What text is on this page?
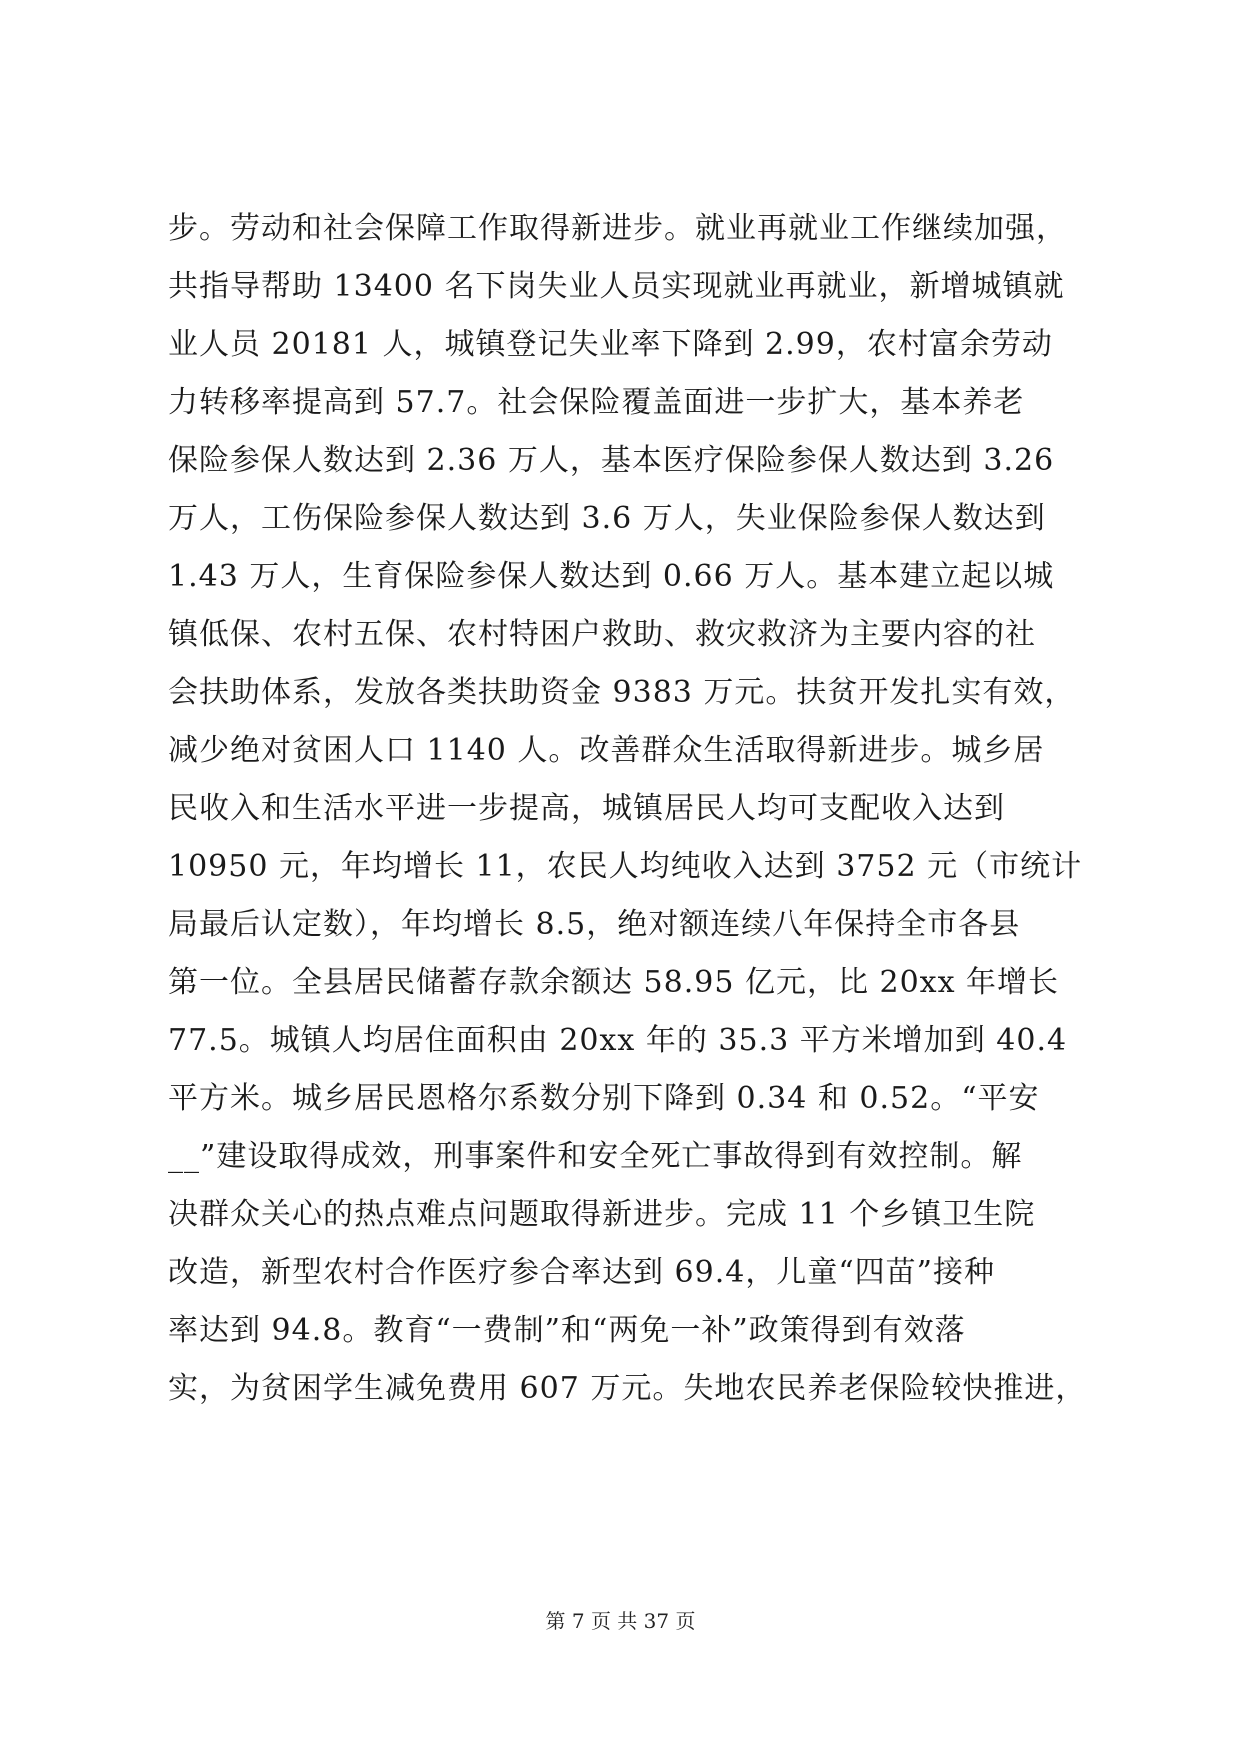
步。劳动和社会保障工作取得新进步。就业再就业工作继续加强，
共指导帮助 13400 名下岗失业人员实现就业再就业，新增城镇就
业人员 20181 人，城镇登记失业率下降到 2.99，农村富余劳动
力转移率提高到 57.7。社会保险覆盖面进一步扩大，基本养老
保险参保人数达到 2.36 万人，基本医疗保险参保人数达到 3.26
万人，工伤保险参保人数达到 3.6 万人，失业保险参保人数达到
1.43 万人，生育保险参保人数达到 0.66 万人。基本建立起以城
镇低保、农村五保、农村特困户救助、救灾救济为主要内容的社
会扶助体系，发放各类扶助资金 9383 万元。扶贫开发扎实有效，
减少绝对贫困人口 1140 人。改善群众生活取得新进步。城乡居
民收入和生活水平进一步提高，城镇居民人均可支配收入达到
10950 元，年均增长 11，农民人均纯收入达到 3752 元（市统计
局最后认定数），年均增长 8.5，绝对额连续八年保持全市各县
第一位。全县居民储蓄存款余额达 58.95 亿元，比 20xx 年增长
77.5。城镇人均居住面积由 20xx 年的 35.3 平方米增加到 40.4
平方米。城乡居民恩格尔系数分别下降到 0.34 和 0.52。“平安
__”建设取得成效，刑事案件和安全死亡事故得到有效控制。解
决群众关心的热点难点问题取得新进步。完成 11 个乡镇卫生院
改造，新型农村合作医疗参合率达到 69.4，儿童“四苗”接种
率达到 94.8。教育“一费制”和“两免一补”政策得到有效落
实，为贫困学生减免费用 607 万元。失地农民养老保险较快推进，
第 7 页 共 37 页
